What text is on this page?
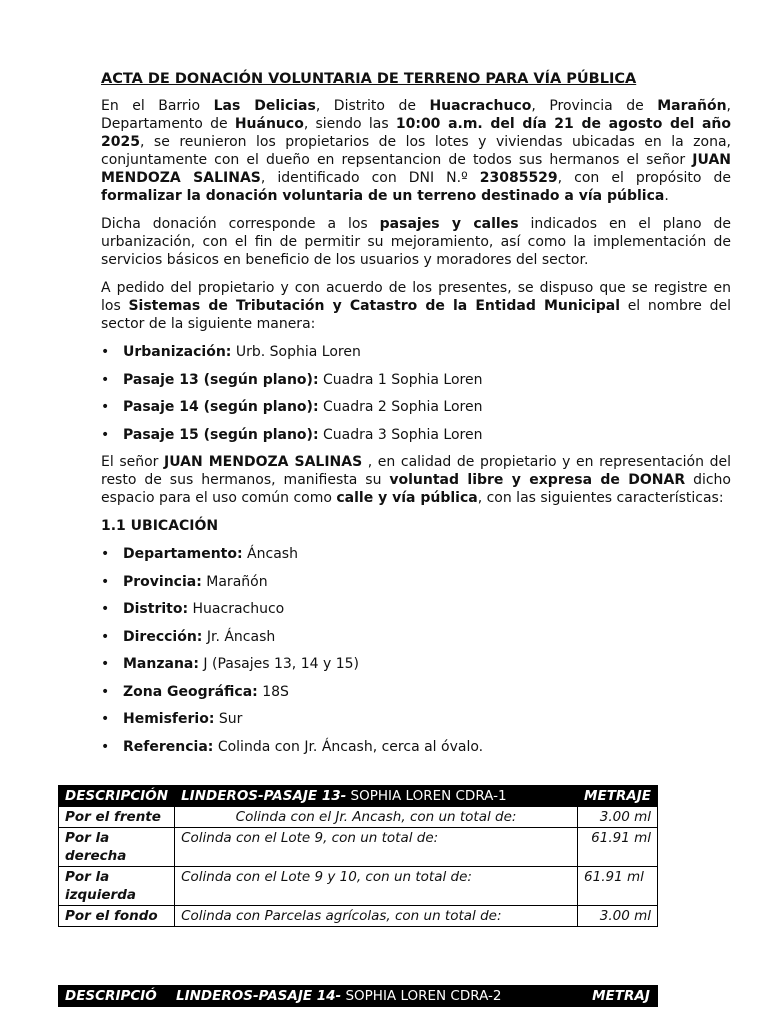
ACTA DE DONACIÓN VOLUNTARIA DE TERRENO PARA VÍA PÚBLICA

En el Barrio Las Delicias, Distrito de Huacrachuco, Provincia de Marañón, Departamento de Huánuco, siendo las 10:00 a.m. del día 21 de agosto del año 2025, se reunieron los propietarios de los lotes y viviendas ubicadas en la zona, conjuntamente con el dueño en repsentancion de todos sus hermanos el señor JUAN MENDOZA SALINAS, identificado con DNI N.º 23085529, con el propósito de formalizar la donación voluntaria de un terreno destinado a vía pública.

Dicha donación corresponde a los pasajes y calles indicados en el plano de urbanización, con el fin de permitir su mejoramiento, así como la implementación de servicios básicos en beneficio de los usuarios y moradores del sector.

A pedido del propietario y con acuerdo de los presentes, se dispuso que se registre en los Sistemas de Tributación y Catastro de la Entidad Municipal el nombre del sector de la siguiente manera:

• Urbanización: Urb. Sophia Loren
• Pasaje 13 (según plano): Cuadra 1 Sophia Loren
• Pasaje 14 (según plano): Cuadra 2 Sophia Loren
• Pasaje 15 (según plano): Cuadra 3 Sophia Loren

El señor JUAN MENDOZA SALINAS , en calidad de propietario y en representación del resto de sus hermanos, manifiesta su voluntad libre y expresa de DONAR dicho espacio para el uso común como calle y vía pública, con las siguientes características:

1.1 UBICACIÓN
• Departamento: Áncash
• Provincia: Marañón
• Distrito: Huacrachuco
• Dirección: Jr. Áncash
• Manzana: J (Pasajes 13, 14 y 15)
• Zona Geográfica: 18S
• Hemisferio: Sur
• Referencia: Colinda con Jr. Áncash, cerca al óvalo.
DESCRIPCIÓN	LINDEROS-PASAJE 13- SOPHIA LOREN CDRA-1	METRAJE
Por el frente	Colinda con el Jr. Ancash, con un total de:	3.00 ml
Por la derecha	Colinda con el Lote 9, con un total de:	61.91 ml
Por la izquierda	Colinda con el Lote 9 y 10, con un total de:	61.91 ml
Por el fondo	Colinda con Parcelas agrícolas, con un total de:	3.00 ml
DESCRIPCIÓ	LINDEROS-PASAJE 14- SOPHIA LOREN CDRA-2	METRAJ
